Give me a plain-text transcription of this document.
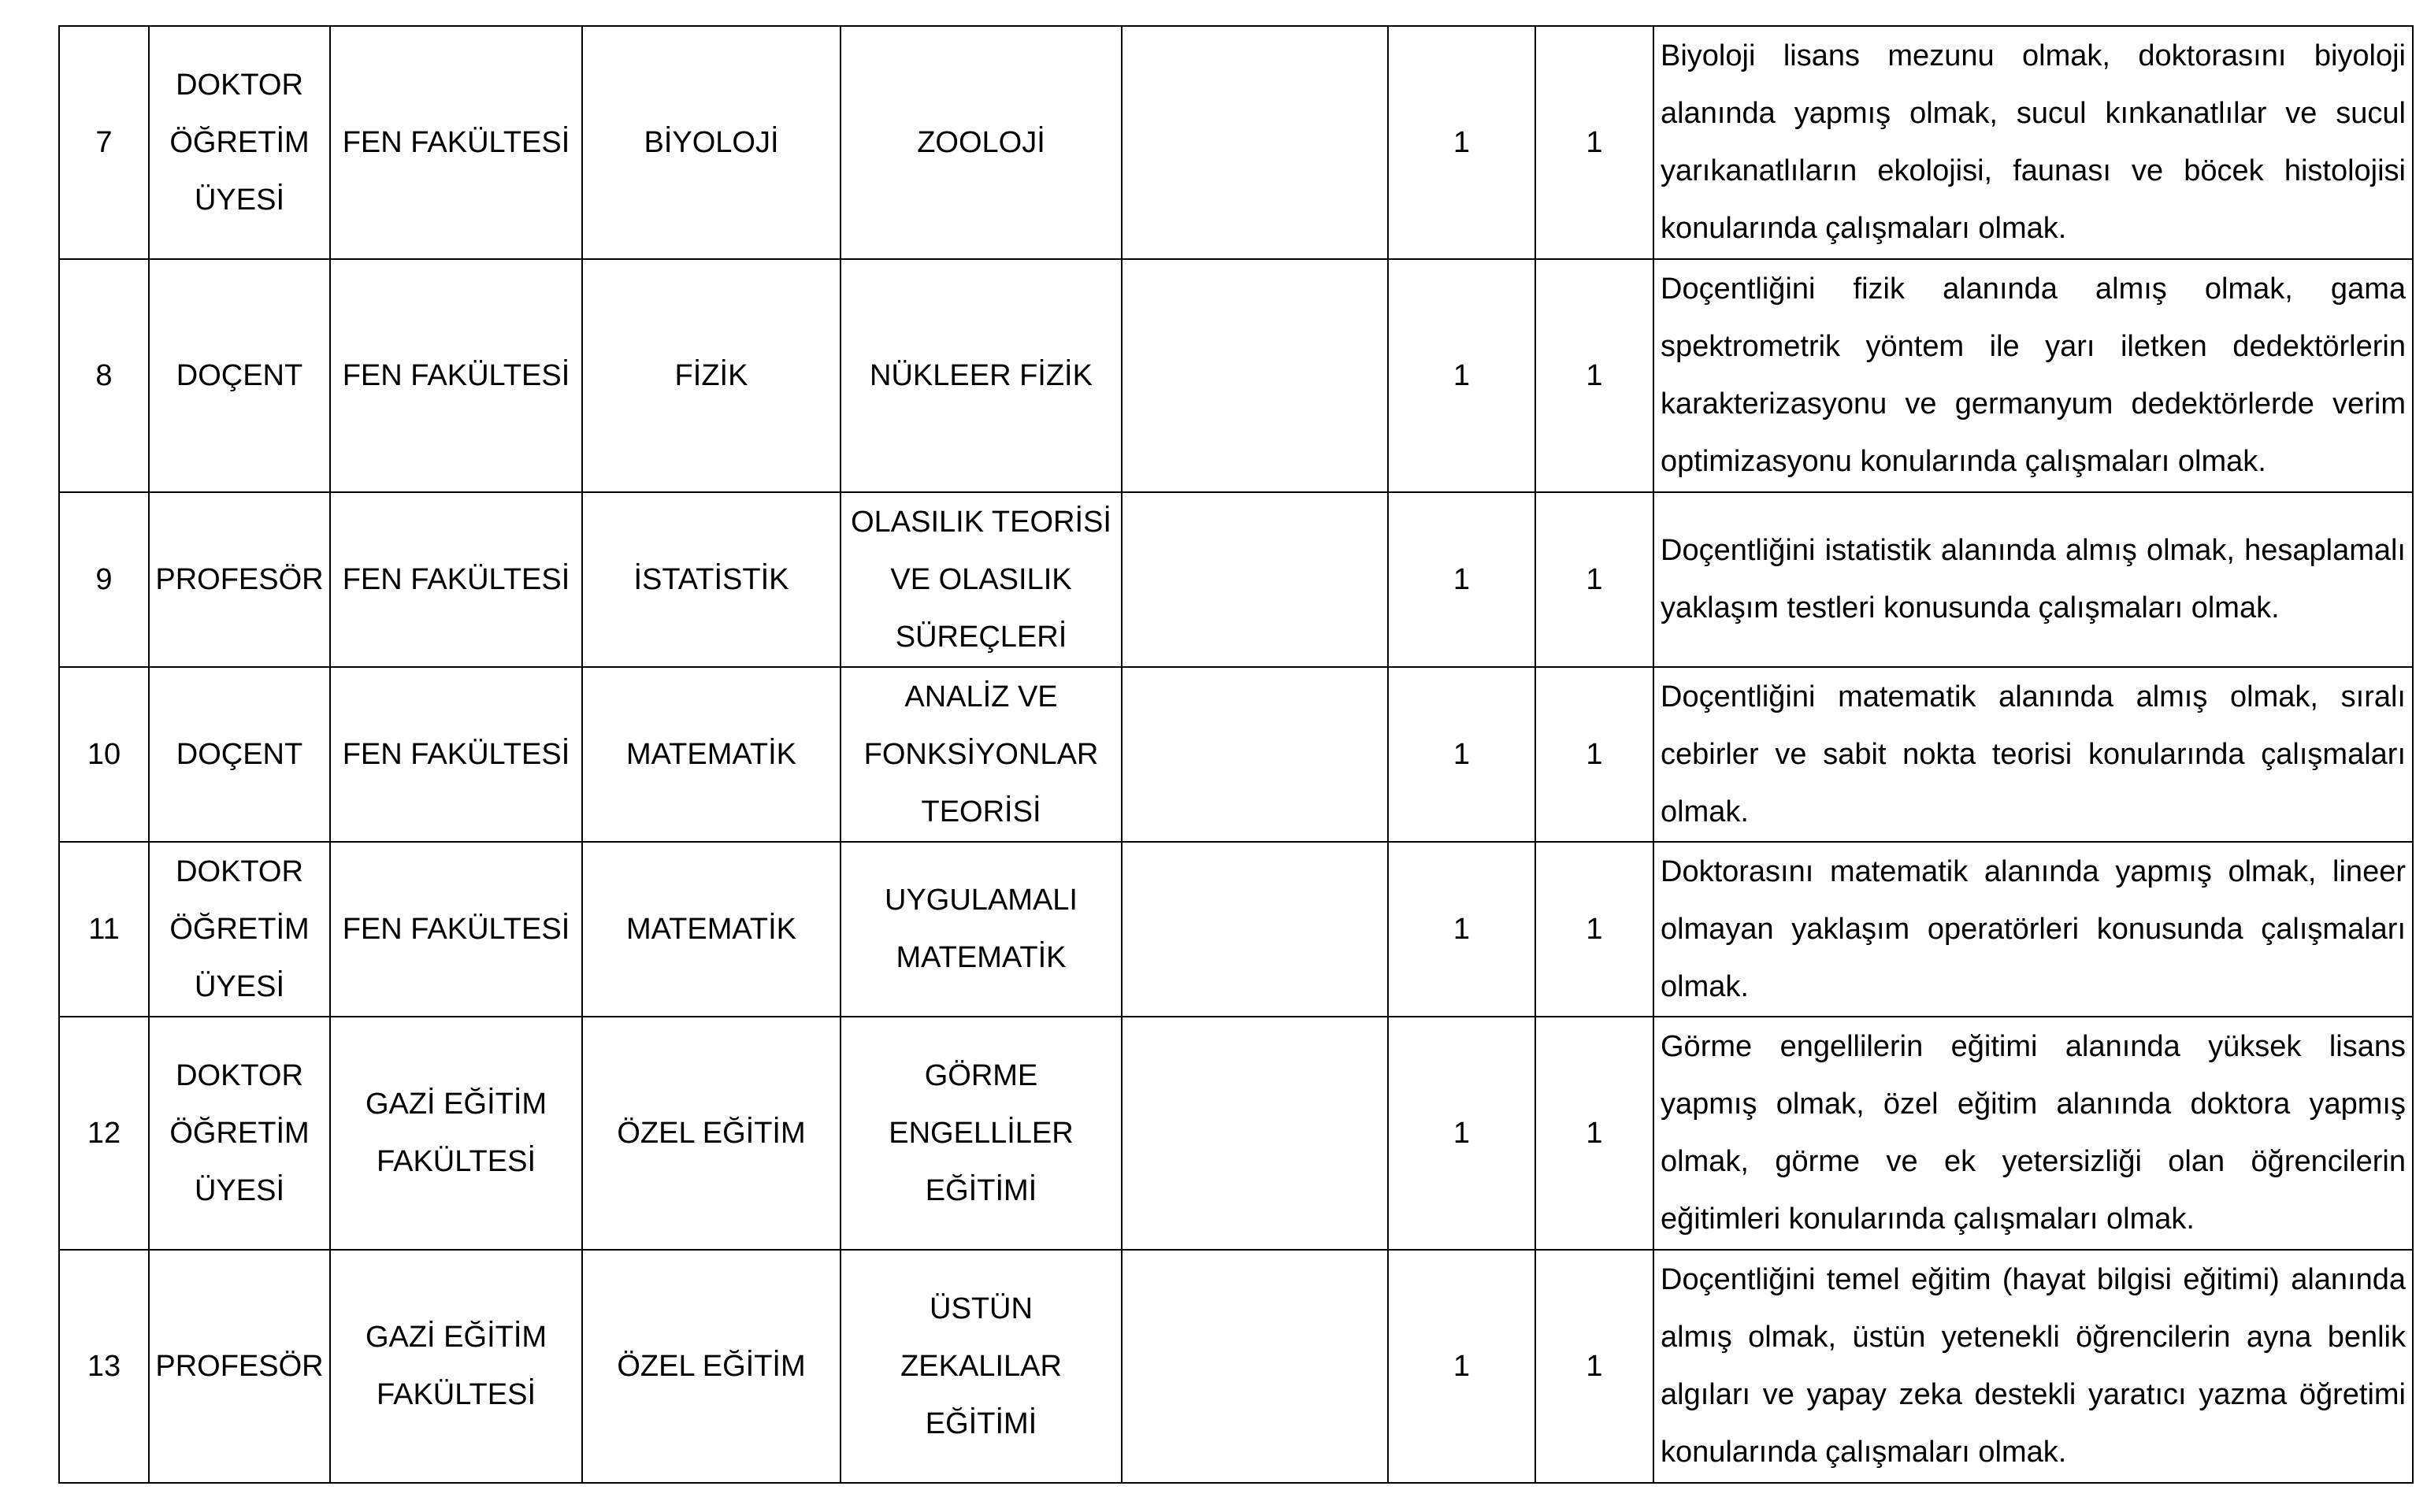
7	DOKTOR ÖĞRETİM ÜYESİ	FEN FAKÜLTESİ	BİYOLOJİ	ZOOLOJİ		1	1	Biyoloji lisans mezunu olmak, doktorasını biyoloji alanında yapmış olmak, sucul kınkanatlılar ve sucul yarıkanatlıların ekolojisi, faunası ve böcek histolojisi konularında çalışmaları olmak.
8	DOÇENT	FEN FAKÜLTESİ	FİZİK	NÜKLEER FİZİK		1	1	Doçentliğini fizik alanında almış olmak, gama spektrometrik yöntem ile yarı iletken dedektörlerin karakterizasyonu ve germanyum dedektörlerde verim optimizasyonu konularında çalışmaları olmak.
9	PROFESÖR	FEN FAKÜLTESİ	İSTATİSTİK	OLASILIK TEORİSİ VE OLASILIK SÜREÇLERİ		1	1	Doçentliğini istatistik alanında almış olmak, hesaplamalı yaklaşım testleri konusunda çalışmaları olmak.
10	DOÇENT	FEN FAKÜLTESİ	MATEMATİK	ANALİZ VE FONKSİYONLAR TEORİSİ		1	1	Doçentliğini matematik alanında almış olmak, sıralı cebirler ve sabit nokta teorisi konularında çalışmaları olmak.
11	DOKTOR ÖĞRETİM ÜYESİ	FEN FAKÜLTESİ	MATEMATİK	UYGULAMALI MATEMATİK		1	1	Doktorasını matematik alanında yapmış olmak, lineer olmayan yaklaşım operatörleri konusunda çalışmaları olmak.
12	DOKTOR ÖĞRETİM ÜYESİ	GAZİ EĞİTİM FAKÜLTESİ	ÖZEL EĞİTİM	GÖRME ENGELLİLER EĞİTİMİ		1	1	Görme engellilerin eğitimi alanında yüksek lisans yapmış olmak, özel eğitim alanında doktora yapmış olmak, görme ve ek yetersizliği olan öğrencilerin eğitimleri konularında çalışmaları olmak.
13	PROFESÖR	GAZİ EĞİTİM FAKÜLTESİ	ÖZEL EĞİTİM	ÜSTÜN ZEKALILAR EĞİTİMİ		1	1	Doçentliğini temel eğitim (hayat bilgisi eğitimi) alanında almış olmak, üstün yetenekli öğrencilerin ayna benlik algıları ve yapay zeka destekli yaratıcı yazma öğretimi konularında çalışmaları olmak.
